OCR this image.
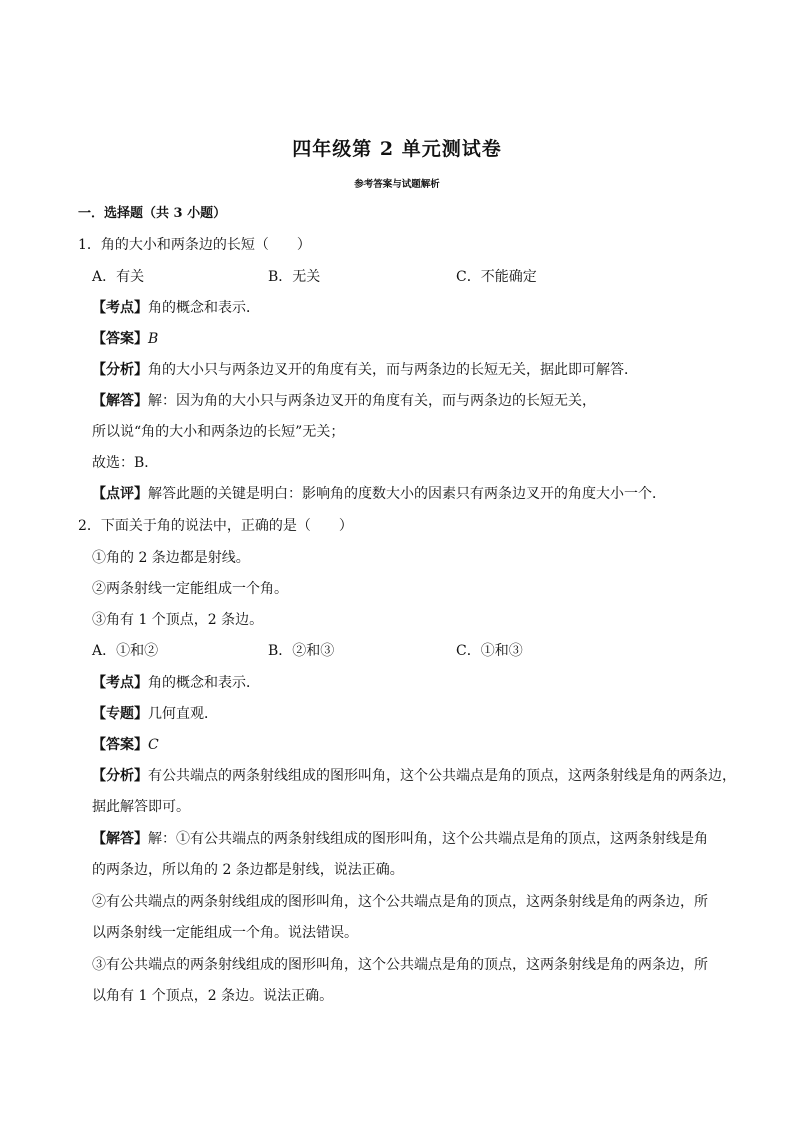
四年级第 2 单元测试卷
参考答案与试题解析
一．选择题（共 3 小题）
1．角的大小和两条边的长短（　　）
A．有关	B．无关	C．不能确定
【考点】角的概念和表示．
【答案】B
【分析】角的大小只与两条边叉开的角度有关，而与两条边的长短无关，据此即可解答．
【解答】解：因为角的大小只与两条边叉开的角度有关，而与两条边的长短无关，
所以说“角的大小和两条边的长短”无关；
故选：B．
【点评】解答此题的关键是明白：影响角的度数大小的因素只有两条边叉开的角度大小一个．
2．下面关于角的说法中，正确的是（　　）
①角的 2 条边都是射线。
②两条射线一定能组成一个角。
③角有 1 个顶点，2 条边。
A．①和②	B．②和③	C．①和③
【考点】角的概念和表示．
【专题】几何直观．
【答案】C
【分析】有公共端点的两条射线组成的图形叫角，这个公共端点是角的顶点，这两条射线是角的两条边，
据此解答即可。
【解答】解：①有公共端点的两条射线组成的图形叫角，这个公共端点是角的顶点，这两条射线是角
的两条边，所以角的 2 条边都是射线，说法正确。
②有公共端点的两条射线组成的图形叫角，这个公共端点是角的顶点，这两条射线是角的两条边，所
以两条射线一定能组成一个角。说法错误。
③有公共端点的两条射线组成的图形叫角，这个公共端点是角的顶点，这两条射线是角的两条边，所
以角有 1 个顶点，2 条边。说法正确。
